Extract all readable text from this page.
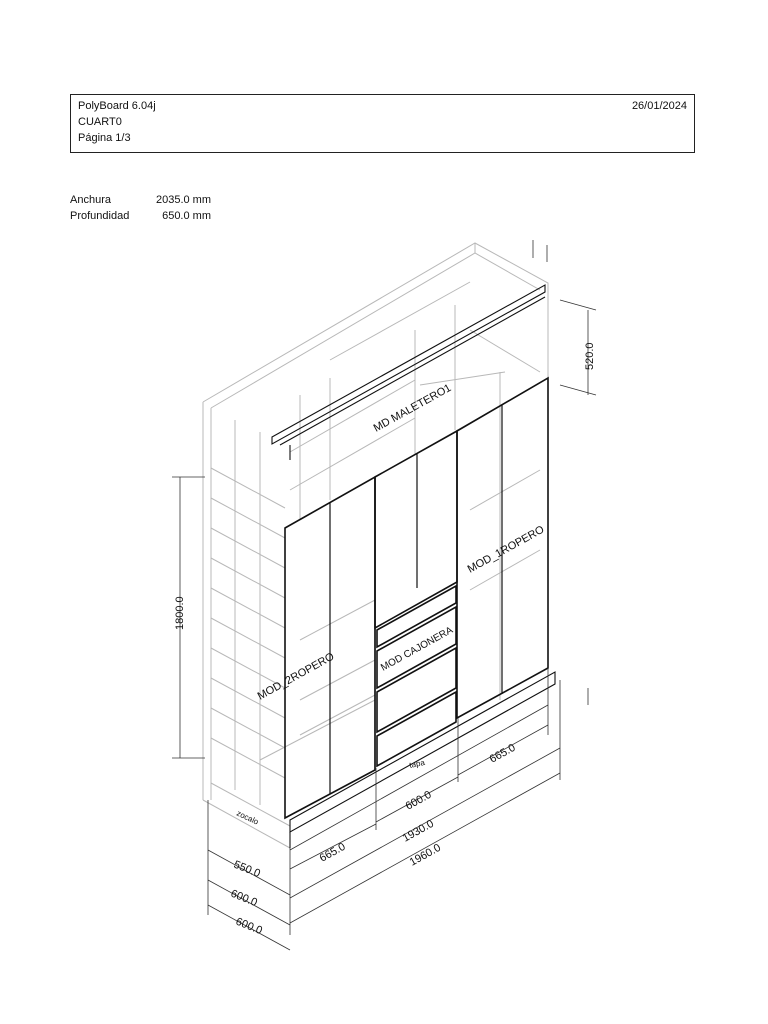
PolyBoard 6.04j
CUART0
Página 1/3
26/01/2024
Anchura	2035.0 mm
Profundidad	650.0 mm
MD MALETERO1
MOD_1ROPERO
MOD_2ROPERO
MOD CAJONERA
tapa
zocalo
520.0
1800.0
665.0
600.0
665.0
1930.0
1960.0
550.0
600.0
600.0
